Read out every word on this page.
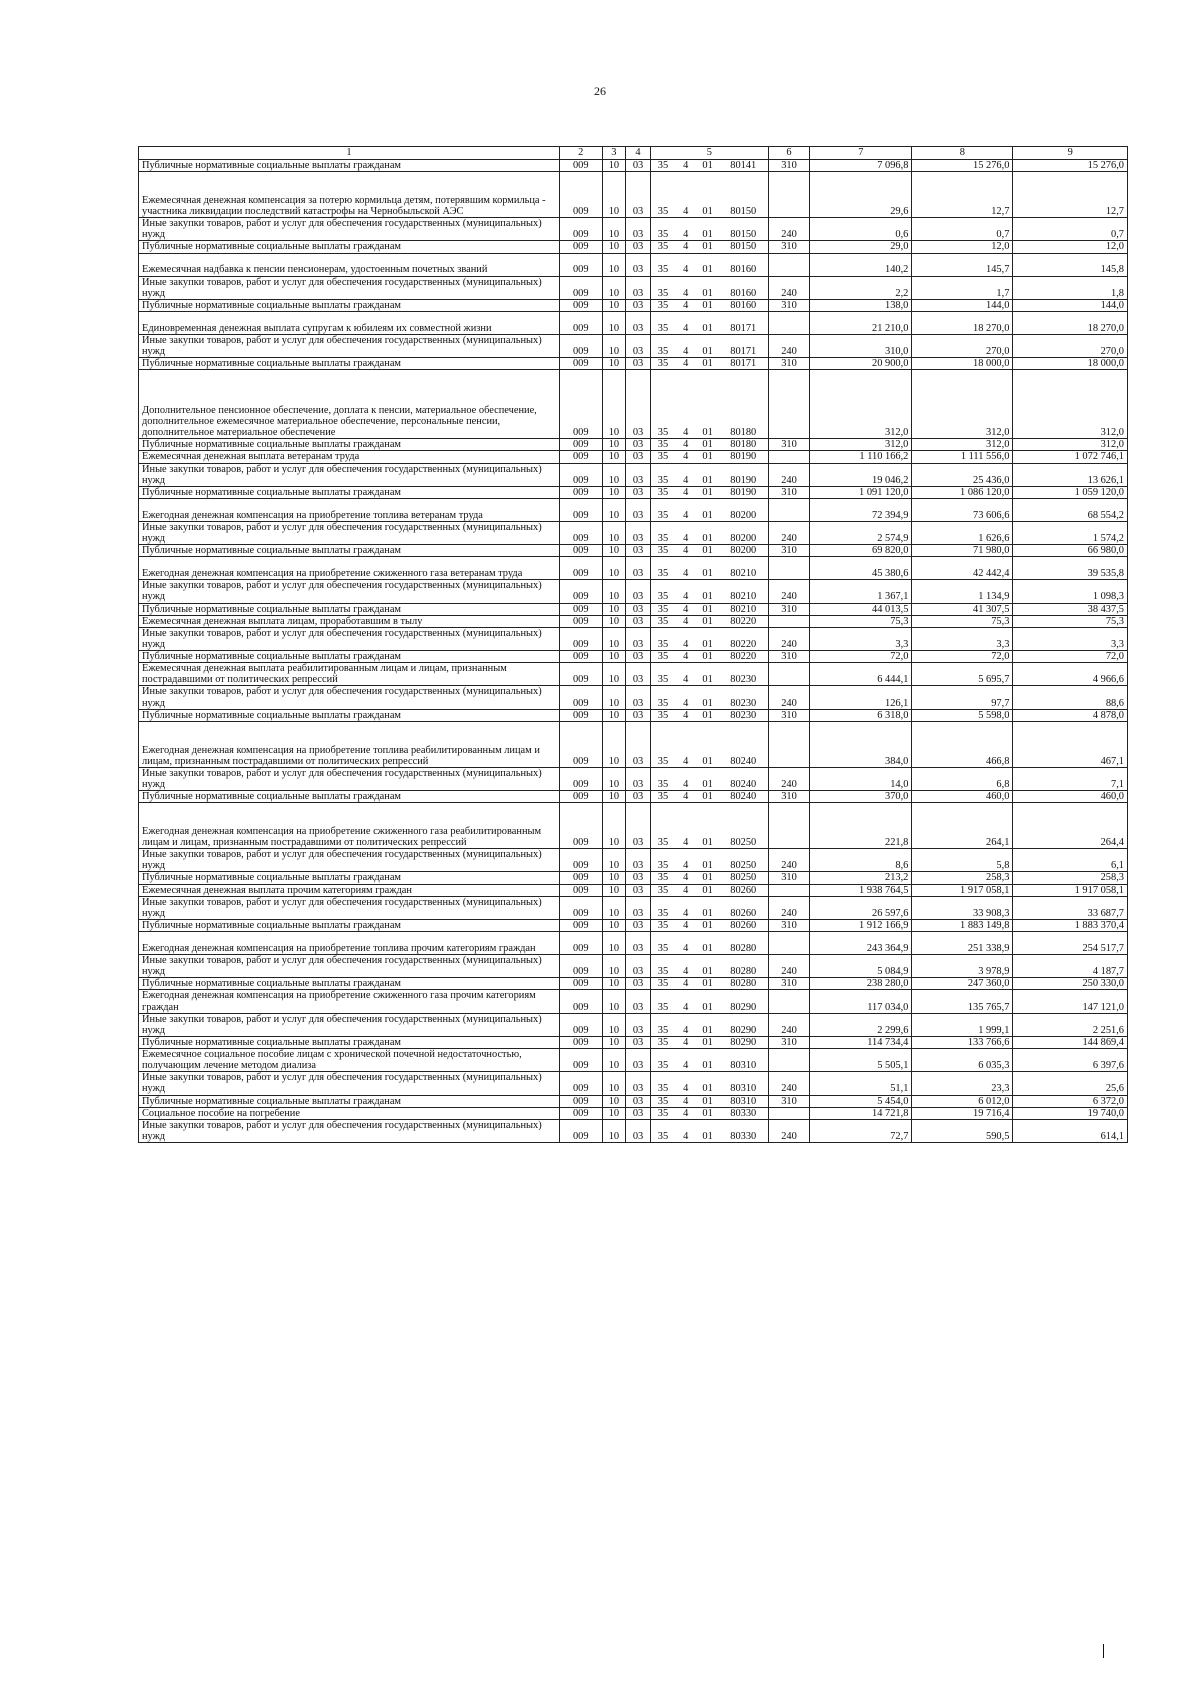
26
1	2	3	4	5				6	7	8	9
Публичные нормативные социальные выплаты гражданам	009	10	03	35	4	01	80141	310	7 096,8	15 276,0	15 276,0
Ежемесячная денежная компенсация за потерю кормильца детям, потерявшим кормильца - участника ликвидации последствий катастрофы на Чернобыльской АЭС	009	10	03	35	4	01	80150		29,6	12,7	12,7
Иные закупки товаров, работ и услуг для обеспечения государственных (муниципальных) нужд	009	10	03	35	4	01	80150	240	0,6	0,7	0,7
Публичные нормативные социальные выплаты гражданам	009	10	03	35	4	01	80150	310	29,0	12,0	12,0
Ежемесячная надбавка к пенсии пенсионерам, удостоенным почетных званий	009	10	03	35	4	01	80160		140,2	145,7	145,8
Иные закупки товаров, работ и услуг для обеспечения государственных (муниципальных) нужд	009	10	03	35	4	01	80160	240	2,2	1,7	1,8
Публичные нормативные социальные выплаты гражданам	009	10	03	35	4	01	80160	310	138,0	144,0	144,0
Единовременная денежная выплата супругам к юбилеям их совместной жизни	009	10	03	35	4	01	80171		21 210,0	18 270,0	18 270,0
Иные закупки товаров, работ и услуг для обеспечения государственных (муниципальных) нужд	009	10	03	35	4	01	80171	240	310,0	270,0	270,0
Публичные нормативные социальные выплаты гражданам	009	10	03	35	4	01	80171	310	20 900,0	18 000,0	18 000,0
Дополнительное пенсионное обеспечение, доплата к пенсии, материальное обеспечение, дополнительное ежемесячное материальное обеспечение, персональные пенсии, дополнительное материальное обеспечение	009	10	03	35	4	01	80180		312,0	312,0	312,0
Публичные нормативные социальные выплаты гражданам	009	10	03	35	4	01	80180	310	312,0	312,0	312,0
Ежемесячная денежная выплата ветеранам труда	009	10	03	35	4	01	80190		1 110 166,2	1 111 556,0	1 072 746,1
Иные закупки товаров, работ и услуг для обеспечения государственных (муниципальных) нужд	009	10	03	35	4	01	80190	240	19 046,2	25 436,0	13 626,1
Публичные нормативные социальные выплаты гражданам	009	10	03	35	4	01	80190	310	1 091 120,0	1 086 120,0	1 059 120,0
Ежегодная денежная компенсация на приобретение топлива ветеранам труда	009	10	03	35	4	01	80200		72 394,9	73 606,6	68 554,2
Иные закупки товаров, работ и услуг для обеспечения государственных (муниципальных) нужд	009	10	03	35	4	01	80200	240	2 574,9	1 626,6	1 574,2
Публичные нормативные социальные выплаты гражданам	009	10	03	35	4	01	80200	310	69 820,0	71 980,0	66 980,0
Ежегодная денежная компенсация на приобретение сжиженного газа ветеранам труда	009	10	03	35	4	01	80210		45 380,6	42 442,4	39 535,8
Иные закупки товаров, работ и услуг для обеспечения государственных (муниципальных) нужд	009	10	03	35	4	01	80210	240	1 367,1	1 134,9	1 098,3
Публичные нормативные социальные выплаты гражданам	009	10	03	35	4	01	80210	310	44 013,5	41 307,5	38 437,5
Ежемесячная денежная выплата лицам, проработавшим в тылу	009	10	03	35	4	01	80220		75,3	75,3	75,3
Иные закупки товаров, работ и услуг для обеспечения государственных (муниципальных) нужд	009	10	03	35	4	01	80220	240	3,3	3,3	3,3
Публичные нормативные социальные выплаты гражданам	009	10	03	35	4	01	80220	310	72,0	72,0	72,0
Ежемесячная денежная выплата реабилитированным лицам и лицам, признанным пострадавшими от политических репрессий	009	10	03	35	4	01	80230		6 444,1	5 695,7	4 966,6
Иные закупки товаров, работ и услуг для обеспечения государственных (муниципальных) нужд	009	10	03	35	4	01	80230	240	126,1	97,7	88,6
Публичные нормативные социальные выплаты гражданам	009	10	03	35	4	01	80230	310	6 318,0	5 598,0	4 878,0
Ежегодная денежная компенсация на приобретение топлива реабилитированным лицам и лицам, признанным пострадавшими от политических репрессий	009	10	03	35	4	01	80240		384,0	466,8	467,1
Иные закупки товаров, работ и услуг для обеспечения государственных (муниципальных) нужд	009	10	03	35	4	01	80240	240	14,0	6,8	7,1
Публичные нормативные социальные выплаты гражданам	009	10	03	35	4	01	80240	310	370,0	460,0	460,0
Ежегодная денежная компенсация на приобретение сжиженного газа реабилитированным лицам и лицам, признанным пострадавшими от политических репрессий	009	10	03	35	4	01	80250		221,8	264,1	264,4
Иные закупки товаров, работ и услуг для обеспечения государственных (муниципальных) нужд	009	10	03	35	4	01	80250	240	8,6	5,8	6,1
Публичные нормативные социальные выплаты гражданам	009	10	03	35	4	01	80250	310	213,2	258,3	258,3
Ежемесячная денежная выплата прочим категориям граждан	009	10	03	35	4	01	80260		1 938 764,5	1 917 058,1	1 917 058,1
Иные закупки товаров, работ и услуг для обеспечения государственных (муниципальных) нужд	009	10	03	35	4	01	80260	240	26 597,6	33 908,3	33 687,7
Публичные нормативные социальные выплаты гражданам	009	10	03	35	4	01	80260	310	1 912 166,9	1 883 149,8	1 883 370,4
Ежегодная денежная компенсация на приобретение топлива прочим категориям граждан	009	10	03	35	4	01	80280		243 364,9	251 338,9	254 517,7
Иные закупки товаров, работ и услуг для обеспечения государственных (муниципальных) нужд	009	10	03	35	4	01	80280	240	5 084,9	3 978,9	4 187,7
Публичные нормативные социальные выплаты гражданам	009	10	03	35	4	01	80280	310	238 280,0	247 360,0	250 330,0
Ежегодная денежная компенсация на приобретение сжиженного газа прочим категориям граждан	009	10	03	35	4	01	80290		117 034,0	135 765,7	147 121,0
Иные закупки товаров, работ и услуг для обеспечения государственных (муниципальных) нужд	009	10	03	35	4	01	80290	240	2 299,6	1 999,1	2 251,6
Публичные нормативные социальные выплаты гражданам	009	10	03	35	4	01	80290	310	114 734,4	133 766,6	144 869,4
Ежемесячное социальное пособие лицам с хронической почечной недостаточностью, получающим лечение методом диализа	009	10	03	35	4	01	80310		5 505,1	6 035,3	6 397,6
Иные закупки товаров, работ и услуг для обеспечения государственных (муниципальных) нужд	009	10	03	35	4	01	80310	240	51,1	23,3	25,6
Публичные нормативные социальные выплаты гражданам	009	10	03	35	4	01	80310	310	5 454,0	6 012,0	6 372,0
Социальное пособие на погребение	009	10	03	35	4	01	80330		14 721,8	19 716,4	19 740,0
Иные закупки товаров, работ и услуг для обеспечения государственных (муниципальных) нужд	009	10	03	35	4	01	80330	240	72,7	590,5	614,1
